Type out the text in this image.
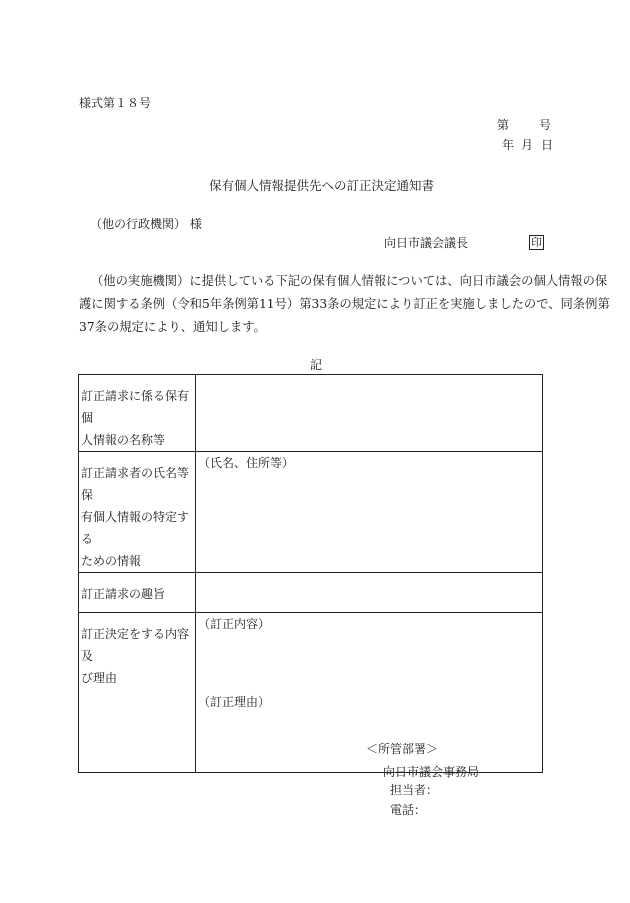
様式第１８号
第 号
年 月 日
保有個人情報提供先への訂正決定通知書
（他の行政機関） 様
向日市議会議長	印
（他の実施機関）に提供している下記の保有個人情報については、向日市議会の個人情報の保
護に関する条例（令和5年条例第11号）第33条の規定により訂正を実施しましたので、同条例第
37条の規定により、通知します。
記
訂正請求に係る保有個
人情報の名称等	

訂正請求者の氏名等保
有個人情報の特定する
ための情報	（氏名、住所等）

訂正請求の趣旨	

訂正決定をする内容及
び理由	（訂正内容）
（訂正理由）
＜所管部署＞
向日市議会事務局
担当者：
電話：
